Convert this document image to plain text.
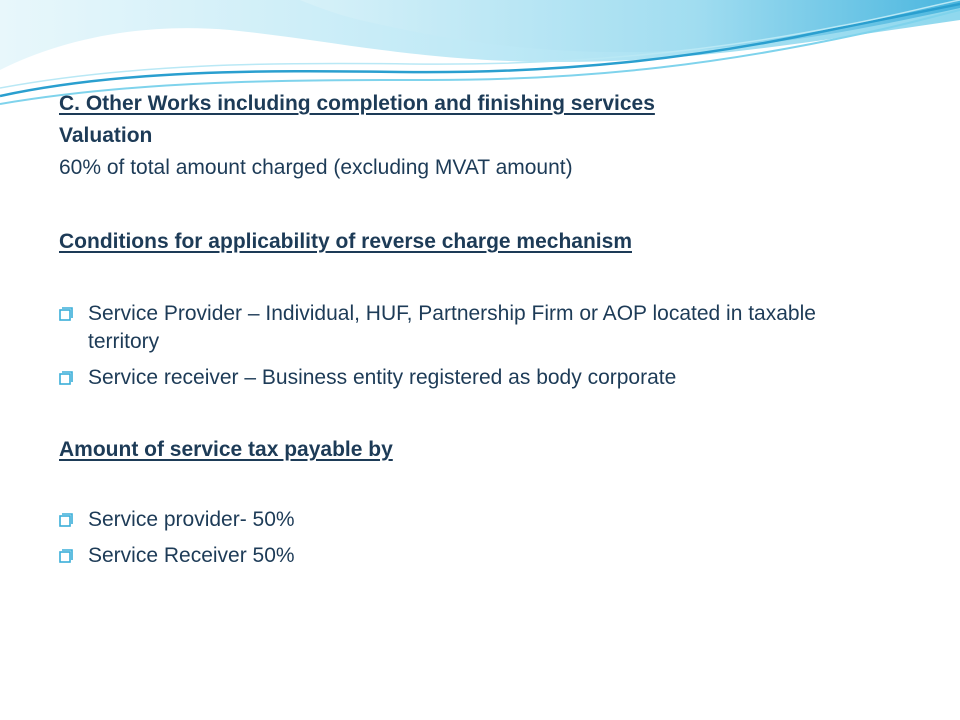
C. Other Works including completion and finishing services
Valuation
60% of total amount charged (excluding MVAT amount)
Conditions for applicability of reverse charge mechanism
Service Provider – Individual, HUF, Partnership Firm or AOP located in taxable territory
Service receiver – Business entity registered as body corporate
Amount of service tax payable by
Service provider- 50%
Service Receiver 50%
